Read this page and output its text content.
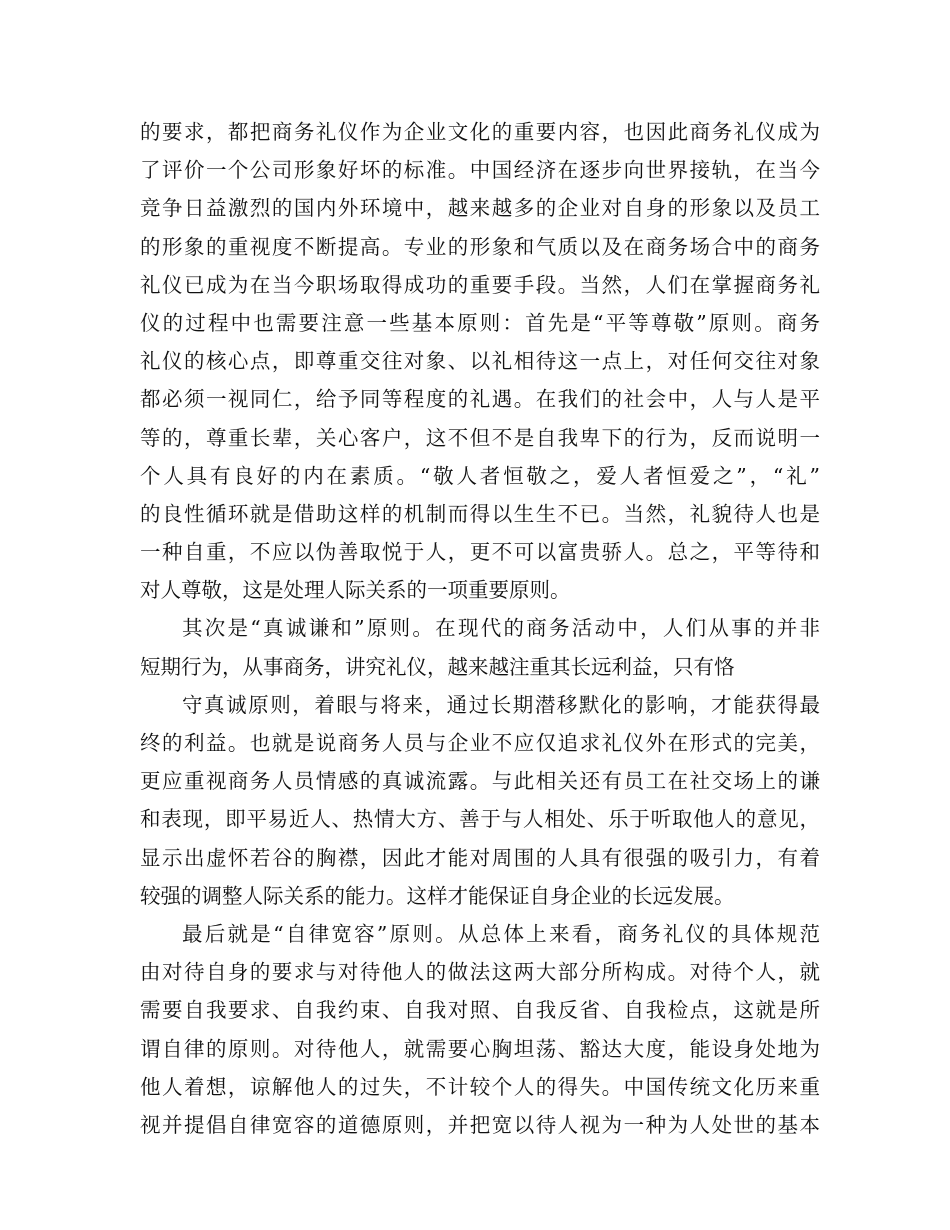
的要求，都把商务礼仪作为企业文化的重要内容，也因此商务礼仪成为
了评价一个公司形象好坏的标准。中国经济在逐步向世界接轨，在当今
竞争日益激烈的国内外环境中，越来越多的企业对自身的形象以及员工
的形象的重视度不断提高。专业的形象和气质以及在商务场合中的商务
礼仪已成为在当今职场取得成功的重要手段。当然，人们在掌握商务礼
仪的过程中也需要注意一些基本原则：首先是“平等尊敬”原则。商务
礼仪的核心点，即尊重交往对象、以礼相待这一点上，对任何交往对象
都必须一视同仁，给予同等程度的礼遇。在我们的社会中，人与人是平
等的，尊重长辈，关心客户，这不但不是自我卑下的行为，反而说明一
个人具有良好的内在素质。“敬人者恒敬之，爱人者恒爱之”，“礼”
的良性循环就是借助这样的机制而得以生生不已。当然，礼貌待人也是
一种自重，不应以伪善取悦于人，更不可以富贵骄人。总之，平等待和
对人尊敬，这是处理人际关系的一项重要原则。
其次是“真诚谦和”原则。在现代的商务活动中，人们从事的并非
短期行为，从事商务，讲究礼仪，越来越注重其长远利益，只有恪
守真诚原则，着眼与将来，通过长期潜移默化的影响，才能获得最
终的利益。也就是说商务人员与企业不应仅追求礼仪外在形式的完美，
更应重视商务人员情感的真诚流露。与此相关还有员工在社交场上的谦
和表现，即平易近人、热情大方、善于与人相处、乐于听取他人的意见，
显示出虚怀若谷的胸襟，因此才能对周围的人具有很强的吸引力，有着
较强的调整人际关系的能力。这样才能保证自身企业的长远发展。
最后就是“自律宽容”原则。从总体上来看，商务礼仪的具体规范
由对待自身的要求与对待他人的做法这两大部分所构成。对待个人，就
需要自我要求、自我约束、自我对照、自我反省、自我检点，这就是所
谓自律的原则。对待他人，就需要心胸坦荡、豁达大度，能设身处地为
他人着想，谅解他人的过失，不计较个人的得失。中国传统文化历来重
视并提倡自律宽容的道德原则，并把宽以待人视为一种为人处世的基本
